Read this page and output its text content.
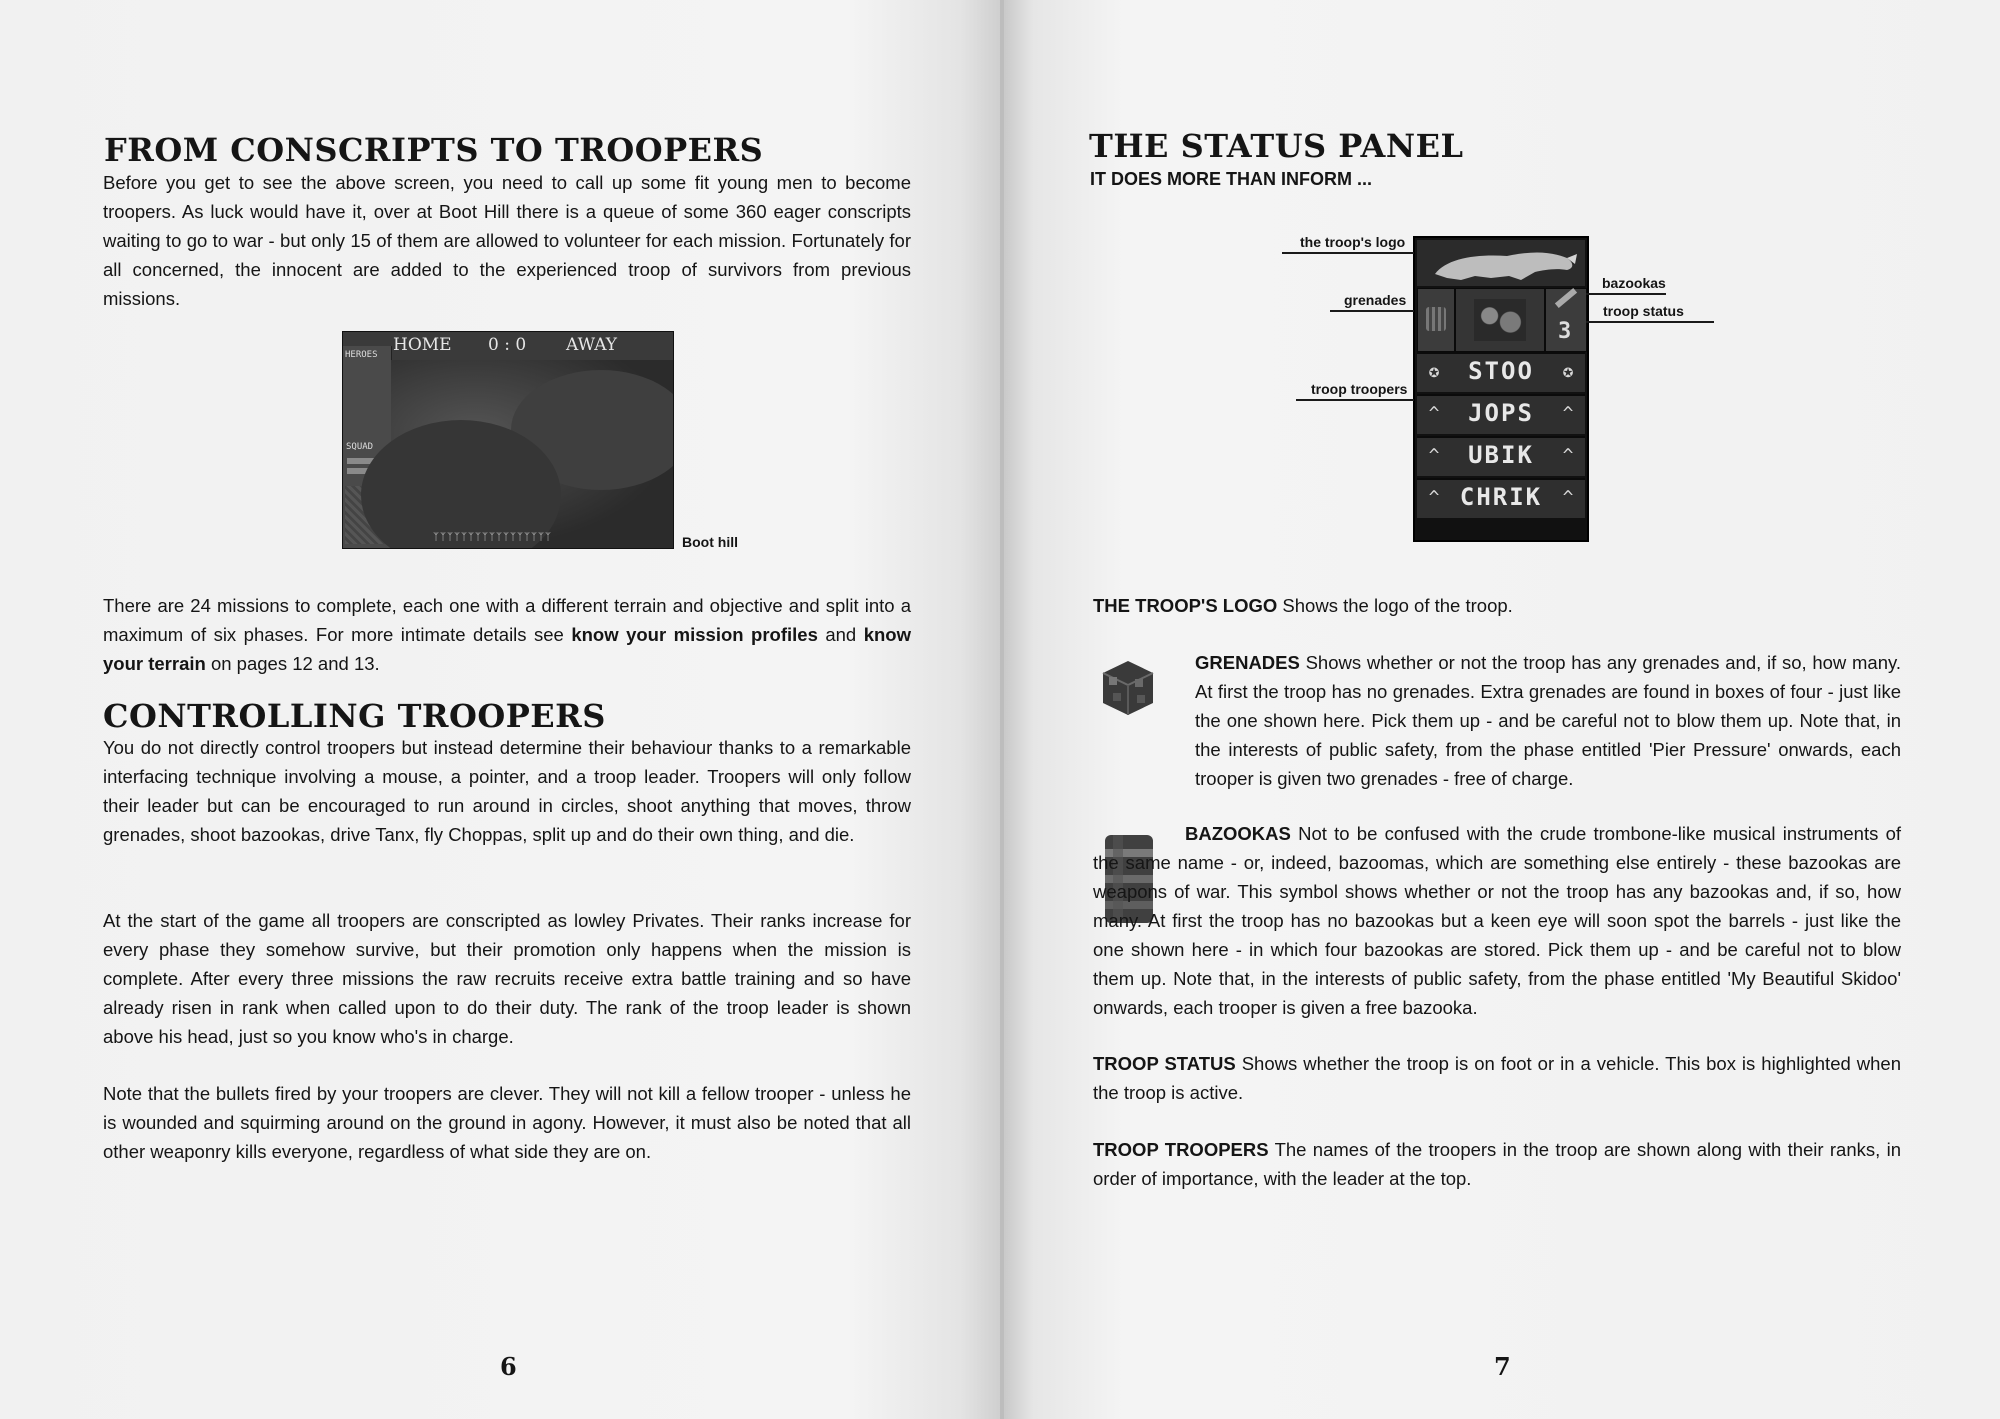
FROM CONSCRIPTS TO TROOPERS

Before you get to see the above screen, you need to call up some fit young men to become troopers. As luck would have it, over at Boot Hill there is a queue of some 360 eager conscripts waiting to go to war - but only 15 of them are allowed to volunteer for each mission. Fortunately for all concerned, the innocent are added to the experienced troop of survivors from previous missions.

HOME 0 : 0 AWAY
HEROES
SQUAD
ᛉᛉᛉᛉᛉᛉᛉᛉᛉᛉᛉᛉᛉᛉᛉᛉᛉ	Boot hill

There are 24 missions to complete, each one with a different terrain and objective and split into a maximum of six phases. For more intimate details see know your mission profiles and know your terrain on pages 12 and 13.

CONTROLLING TROOPERS

You do not directly control troopers but instead determine their behaviour thanks to a remarkable interfacing technique involving a mouse, a pointer, and a troop leader. Troopers will only follow their leader but can be encouraged to run around in circles, shoot anything that moves, throw grenades, shoot bazookas, drive Tanx, fly Choppas, split up and do their own thing, and die.

At the start of the game all troopers are conscripted as lowley Privates. Their ranks increase for every phase they somehow survive, but their promotion only happens when the mission is complete. After every three missions the raw recruits receive extra battle training and so have already risen in rank when called upon to do their duty. The rank of the troop leader is shown above his head, just so you know who's in charge.

Note that the bullets fired by your troopers are clever. They will not kill a fellow trooper - unless he is wounded and squirming around on the ground in agony. However, it must also be noted that all other weaponry kills everyone, regardless of what side they are on.

6
THE STATUS PANEL

IT DOES MORE THAN INFORM ...

3
✪	STOO	✪
^	JOPS	^
^	UBIK	^
^ CHRIK	^
the troop's logo
grenades
bazookas
troop status
troop troopers

THE TROOP'S LOGO Shows the logo of the troop.

GRENADES Shows whether or not the troop has any grenades and, if so, how many. At first the troop has no grenades. Extra grenades are found in boxes of four - just like the one shown here. Pick them up - and be careful not to blow them up. Note that, in the interests of public safety, from the phase entitled 'Pier Pressure' onwards, each trooper is given two grenades - free of charge.

BAZOOKAS Not to be confused with the crude trombone-like musical instruments of the same name - or, indeed, bazoomas, which are something else entirely - these bazookas are weapons of war. This symbol shows whether or not the troop has any bazookas and, if so, how many. At first the troop has no bazookas but a keen eye will soon spot the barrels - just like the one shown here - in which four bazookas are stored. Pick them up - and be careful not to blow them up. Note that, in the interests of public safety, from the phase entitled 'My Beautiful Skidoo' onwards, each trooper is given a free bazooka.

TROOP STATUS Shows whether the troop is on foot or in a vehicle. This box is highlighted when the troop is active.

TROOP TROOPERS The names of the troopers in the troop are shown along with their ranks, in order of importance, with the leader at the top.

7
